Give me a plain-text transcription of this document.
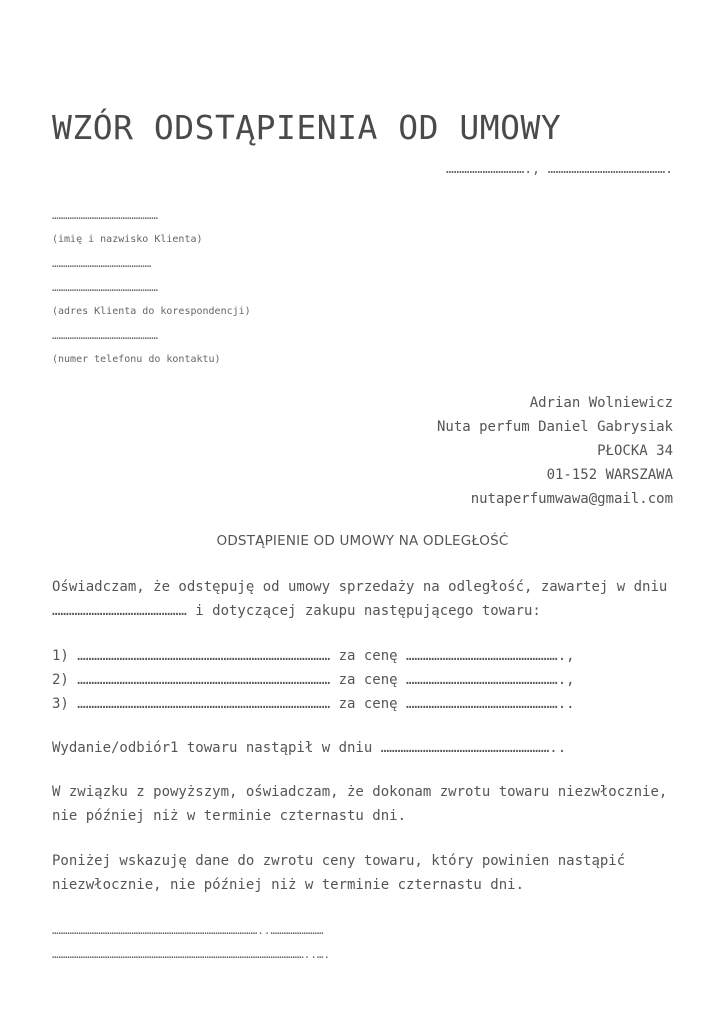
WZÓR ODSTĄPIENIA OD UMOWY
…………………………., ……………………………………….
…………………………………………
(imię i nazwisko Klienta)
………………………………………
…………………………………………
(adres Klienta do korespondencji)
…………………………………………
(numer telefonu do kontaktu)
Adrian Wolniewicz
Nuta perfum Daniel Gabrysiak
PŁOCKA 34
01-152 WARSZAWA
nutaperfumwawa@gmail.com
ODSTĄPIENIE OD UMOWY NA ODLEGŁOŚĆ
Oświadczam, że odstępuję od umowy sprzedaży na odległość, zawartej w dniu
………………………………………… i dotyczącej zakupu następującego towaru:
1) ……………………………………………………………………………… za cenę ……………………………………………….,
2) ……………………………………………………………………………… za cenę ……………………………………………….,
3) ……………………………………………………………………………… za cenę ………………………………………………..
Wydanie/odbiór1 towaru nastąpił w dniu ……………………………………………………..
W związku z powyższym, oświadczam, że dokonam zwrotu towaru niezwłocznie,
nie później niż w terminie czternastu dni.
Poniżej wskazuję dane do zwrotu ceny towaru, który powinien nastąpić
niezwłocznie, nie później niż w terminie czternastu dni.
…………………………………………………………………………………..……………………
……………………………………………………………………………………………………..….
